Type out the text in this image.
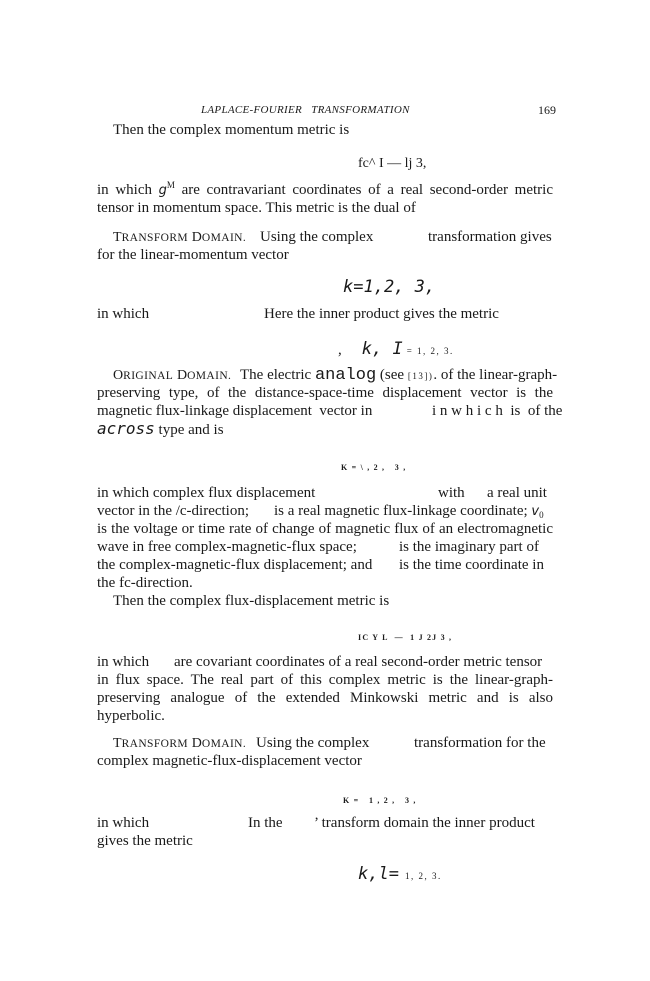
LAPLACE-FOURIER   TRANSFORMATION	169
Then the complex momentum metric is
fc^ I — lj 3,
in which $g^M$ are contravariant coordinates of a real second-order metric
tensor in momentum space. This metric is the dual of
TRANSFORM DOMAIN. Using the complex	transformation gives
for the linear-momentum vector
k=1,2, 3,
in which	Here the inner product gives the metric
, k, I = 1, 2, 3.
ORIGINAL DOMAIN. The electric analog (see [13]). of the linear-graph-
preserving type, of the distance-space-time displacement vector is the
magnetic flux-linkage displacement  vector in	i n w h i c h  is  of the
across type and is
K = \ , 2 ,   3 ,
in which complex flux displacement	with a real unit
vector in the /c-direction; is a real magnetic flux-linkage coordinate; $v_0$
is the voltage or time rate of change of magnetic flux of an electromagnetic
wave in free complex-magnetic-flux space;	is the imaginary part of
the complex-magnetic-flux displacement; and is the time coordinate in
the fc-direction.
Then the complex flux-displacement metric is
IC Y L  —  1 J 2J 3 ,
in which are covariant coordinates of a real second-order metric tensor
in flux space. The real part of this complex metric is the linear-graph-
preserving analogue of the extended Minkowski metric and is also
hyperbolic.
TRANSFORM DOMAIN. Using the complex	transformation for the
complex magnetic-flux-displacement vector
K =   1 , 2 ,   3 ,
in which	In the ’ transform domain the inner product
gives the metric
k,l= 1, 2, 3.
